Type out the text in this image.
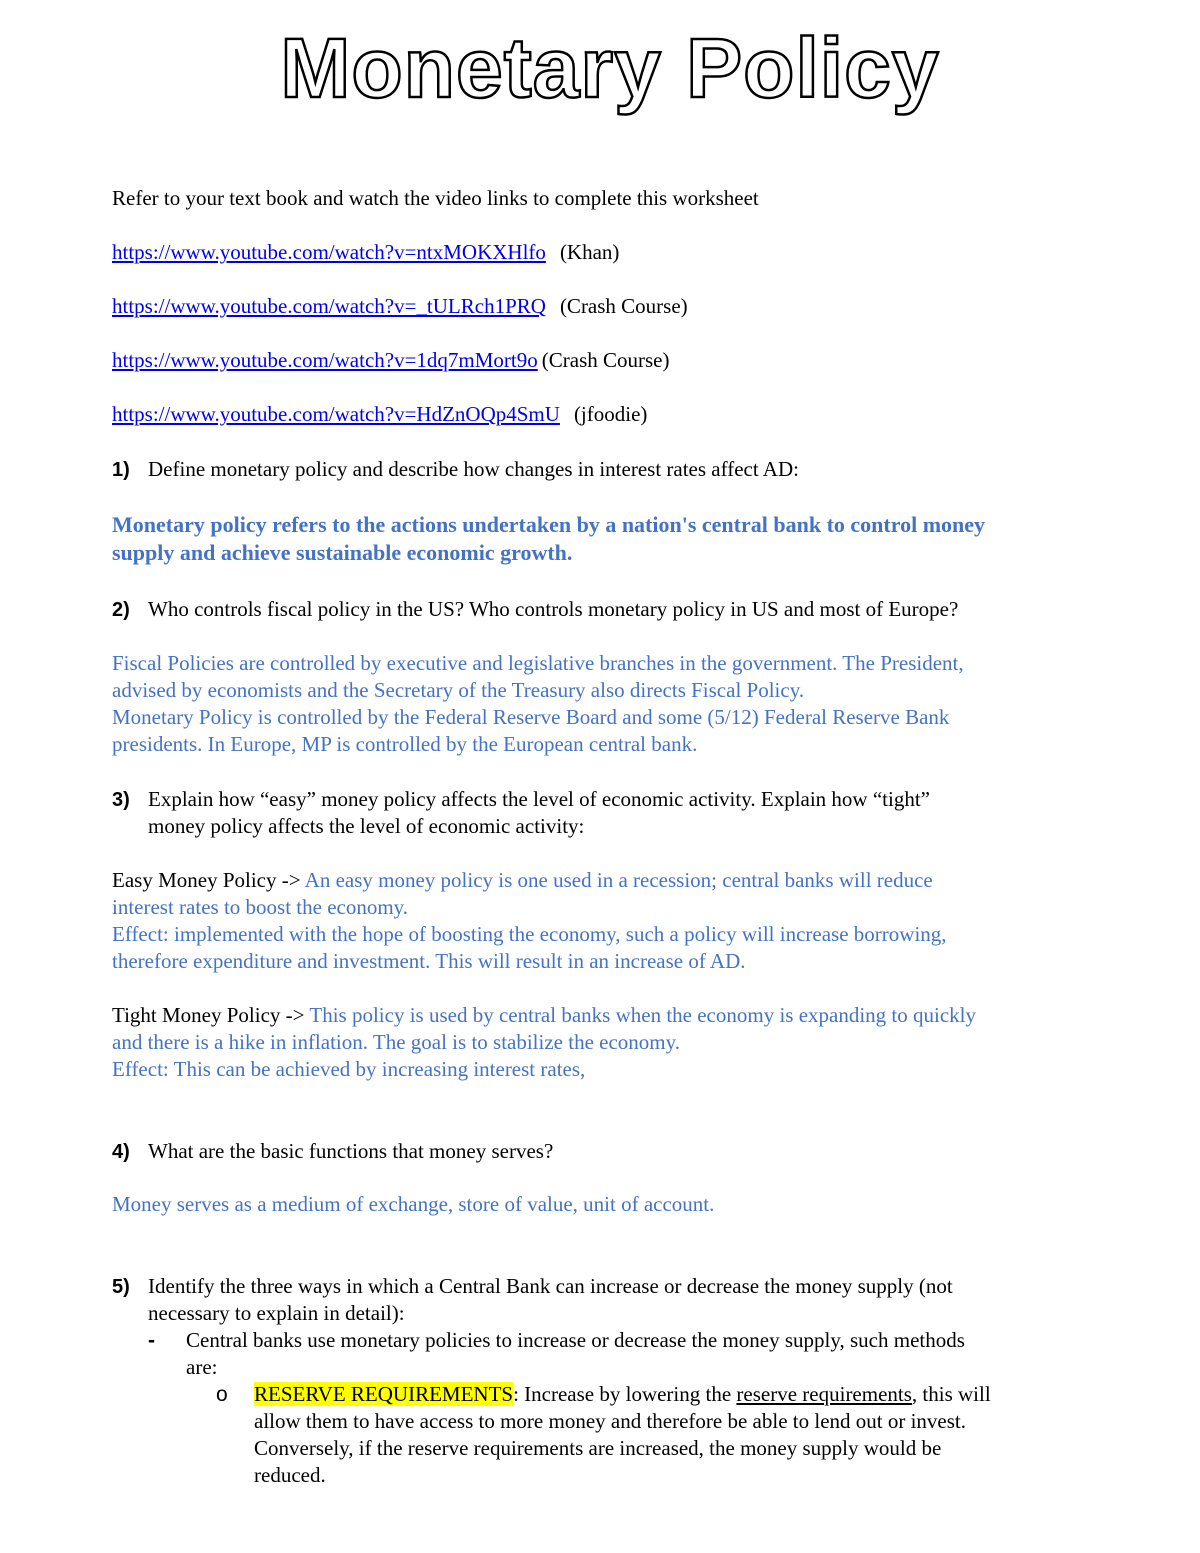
Monetary Policy
Refer to your text book and watch the video links to complete this worksheet
https://www.youtube.com/watch?v=ntxMOKXHlfo (Khan)
https://www.youtube.com/watch?v=_tULRch1PRQ (Crash Course)
https://www.youtube.com/watch?v=1dq7mMort9o (Crash Course)
https://www.youtube.com/watch?v=HdZnOQp4SmU (jfoodie)
1) Define monetary policy and describe how changes in interest rates affect AD:
Monetary policy refers to the actions undertaken by a nation's central bank to control money
supply and achieve sustainable economic growth.
2) Who controls fiscal policy in the US? Who controls monetary policy in US and most of Europe?
Fiscal Policies are controlled by executive and legislative branches in the government. The President,
advised by economists and the Secretary of the Treasury also directs Fiscal Policy.
Monetary Policy is controlled by the Federal Reserve Board and some (5/12) Federal Reserve Bank
presidents. In Europe, MP is controlled by the European central bank.
3) Explain how “easy” money policy affects the level of economic activity. Explain how “tight”
money policy affects the level of economic activity:
Easy Money Policy -> An easy money policy is one used in a recession; central banks will reduce
interest rates to boost the economy.
Effect: implemented with the hope of boosting the economy, such a policy will increase borrowing,
therefore expenditure and investment. This will result in an increase of AD.
Tight Money Policy -> This policy is used by central banks when the economy is expanding to quickly
and there is a hike in inflation. The goal is to stabilize the economy.
Effect: This can be achieved by increasing interest rates,
4) What are the basic functions that money serves?
Money serves as a medium of exchange, store of value, unit of account.
5) Identify the three ways in which a Central Bank can increase or decrease the money supply (not
necessary to explain in detail):
- Central banks use monetary policies to increase or decrease the money supply, such methods
are:
o RESERVE REQUIREMENTS: Increase by lowering the reserve requirements, this will
allow them to have access to more money and therefore be able to lend out or invest.
Conversely, if the reserve requirements are increased, the money supply would be
reduced.
